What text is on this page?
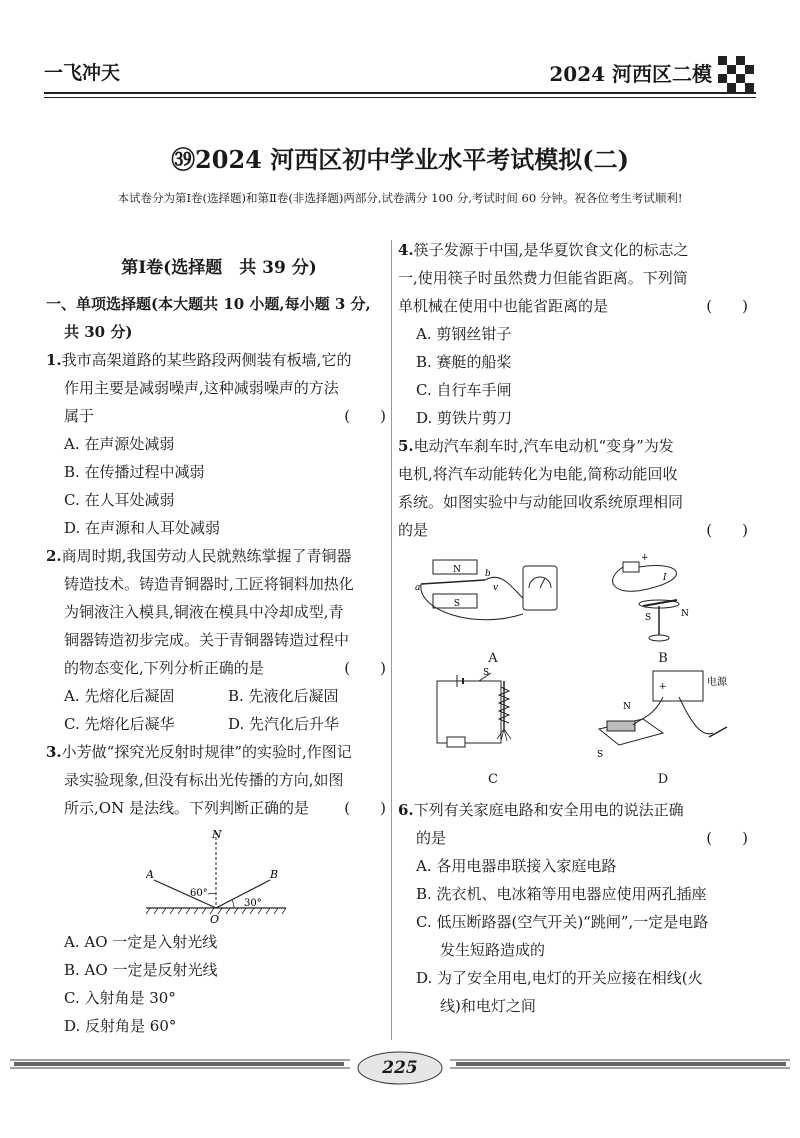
一飞冲天	2024 河西区二模
㊴2024 河西区初中学业水平考试模拟(二)
本试卷分为第Ⅰ卷(选择题)和第Ⅱ卷(非选择题)两部分,试卷满分 100 分,考试时间 60 分钟。祝各位考生考试顺利!
第Ⅰ卷(选择题　共 39 分)
一、单项选择题(本大题共 10 小题,每小题 3 分,
共 30 分)
1.我市高架道路的某些路段两侧装有板墙,它的
作用主要是减弱噪声,这种减弱噪声的方法
属于	(　　)
A. 在声源处减弱
B. 在传播过程中减弱
C. 在人耳处减弱
D. 在声源和人耳处减弱
2.商周时期,我国劳动人民就熟练掌握了青铜器
铸造技术。铸造青铜器时,工匠将铜料加热化
为铜液注入模具,铜液在模具中冷却成型,青
铜器铸造初步完成。关于青铜器铸造过程中
的物态变化,下列分析正确的是	(　　)
A. 先熔化后凝固	B. 先液化后凝固
C. 先熔化后凝华	D. 先汽化后升华
3.小芳做“探究光反射时规律”的实验时,作图记
录实验现象,但没有标出光传播的方向,如图
所示,ON 是法线。下列判断正确的是 (　　)
N
A	B
O
60°
30°
A. AO 一定是入射光线
B. AO 一定是反射光线
C. 入射角是 30°
D. 反射角是 60°
4.筷子发源于中国,是华夏饮食文化的标志之
一,使用筷子时虽然费力但能省距离。下列简
单机械在使用中也能省距离的是	(　　)
A. 剪钢丝钳子
B. 赛艇的船桨
C. 自行车手闸
D. 剪铁片剪刀
5.电动汽车刹车时,汽车电动机“变身”为发
电机,将汽车动能转化为电能,简称动能回收
系统。如图实验中与动能回收系统原理相同
的是	(　　)
N
S
a
b
v
A
+
I
S	N
B
S
C
+	电源
N
S
D
6.下列有关家庭电路和安全用电的说法正确
的是	(　　)
A. 各用电器串联接入家庭电路
B. 洗衣机、电冰箱等用电器应使用两孔插座
C. 低压断路器(空气开关)“跳闸”,一定是电路
发生短路造成的
D. 为了安全用电,电灯的开关应接在相线(火
线)和电灯之间
225
